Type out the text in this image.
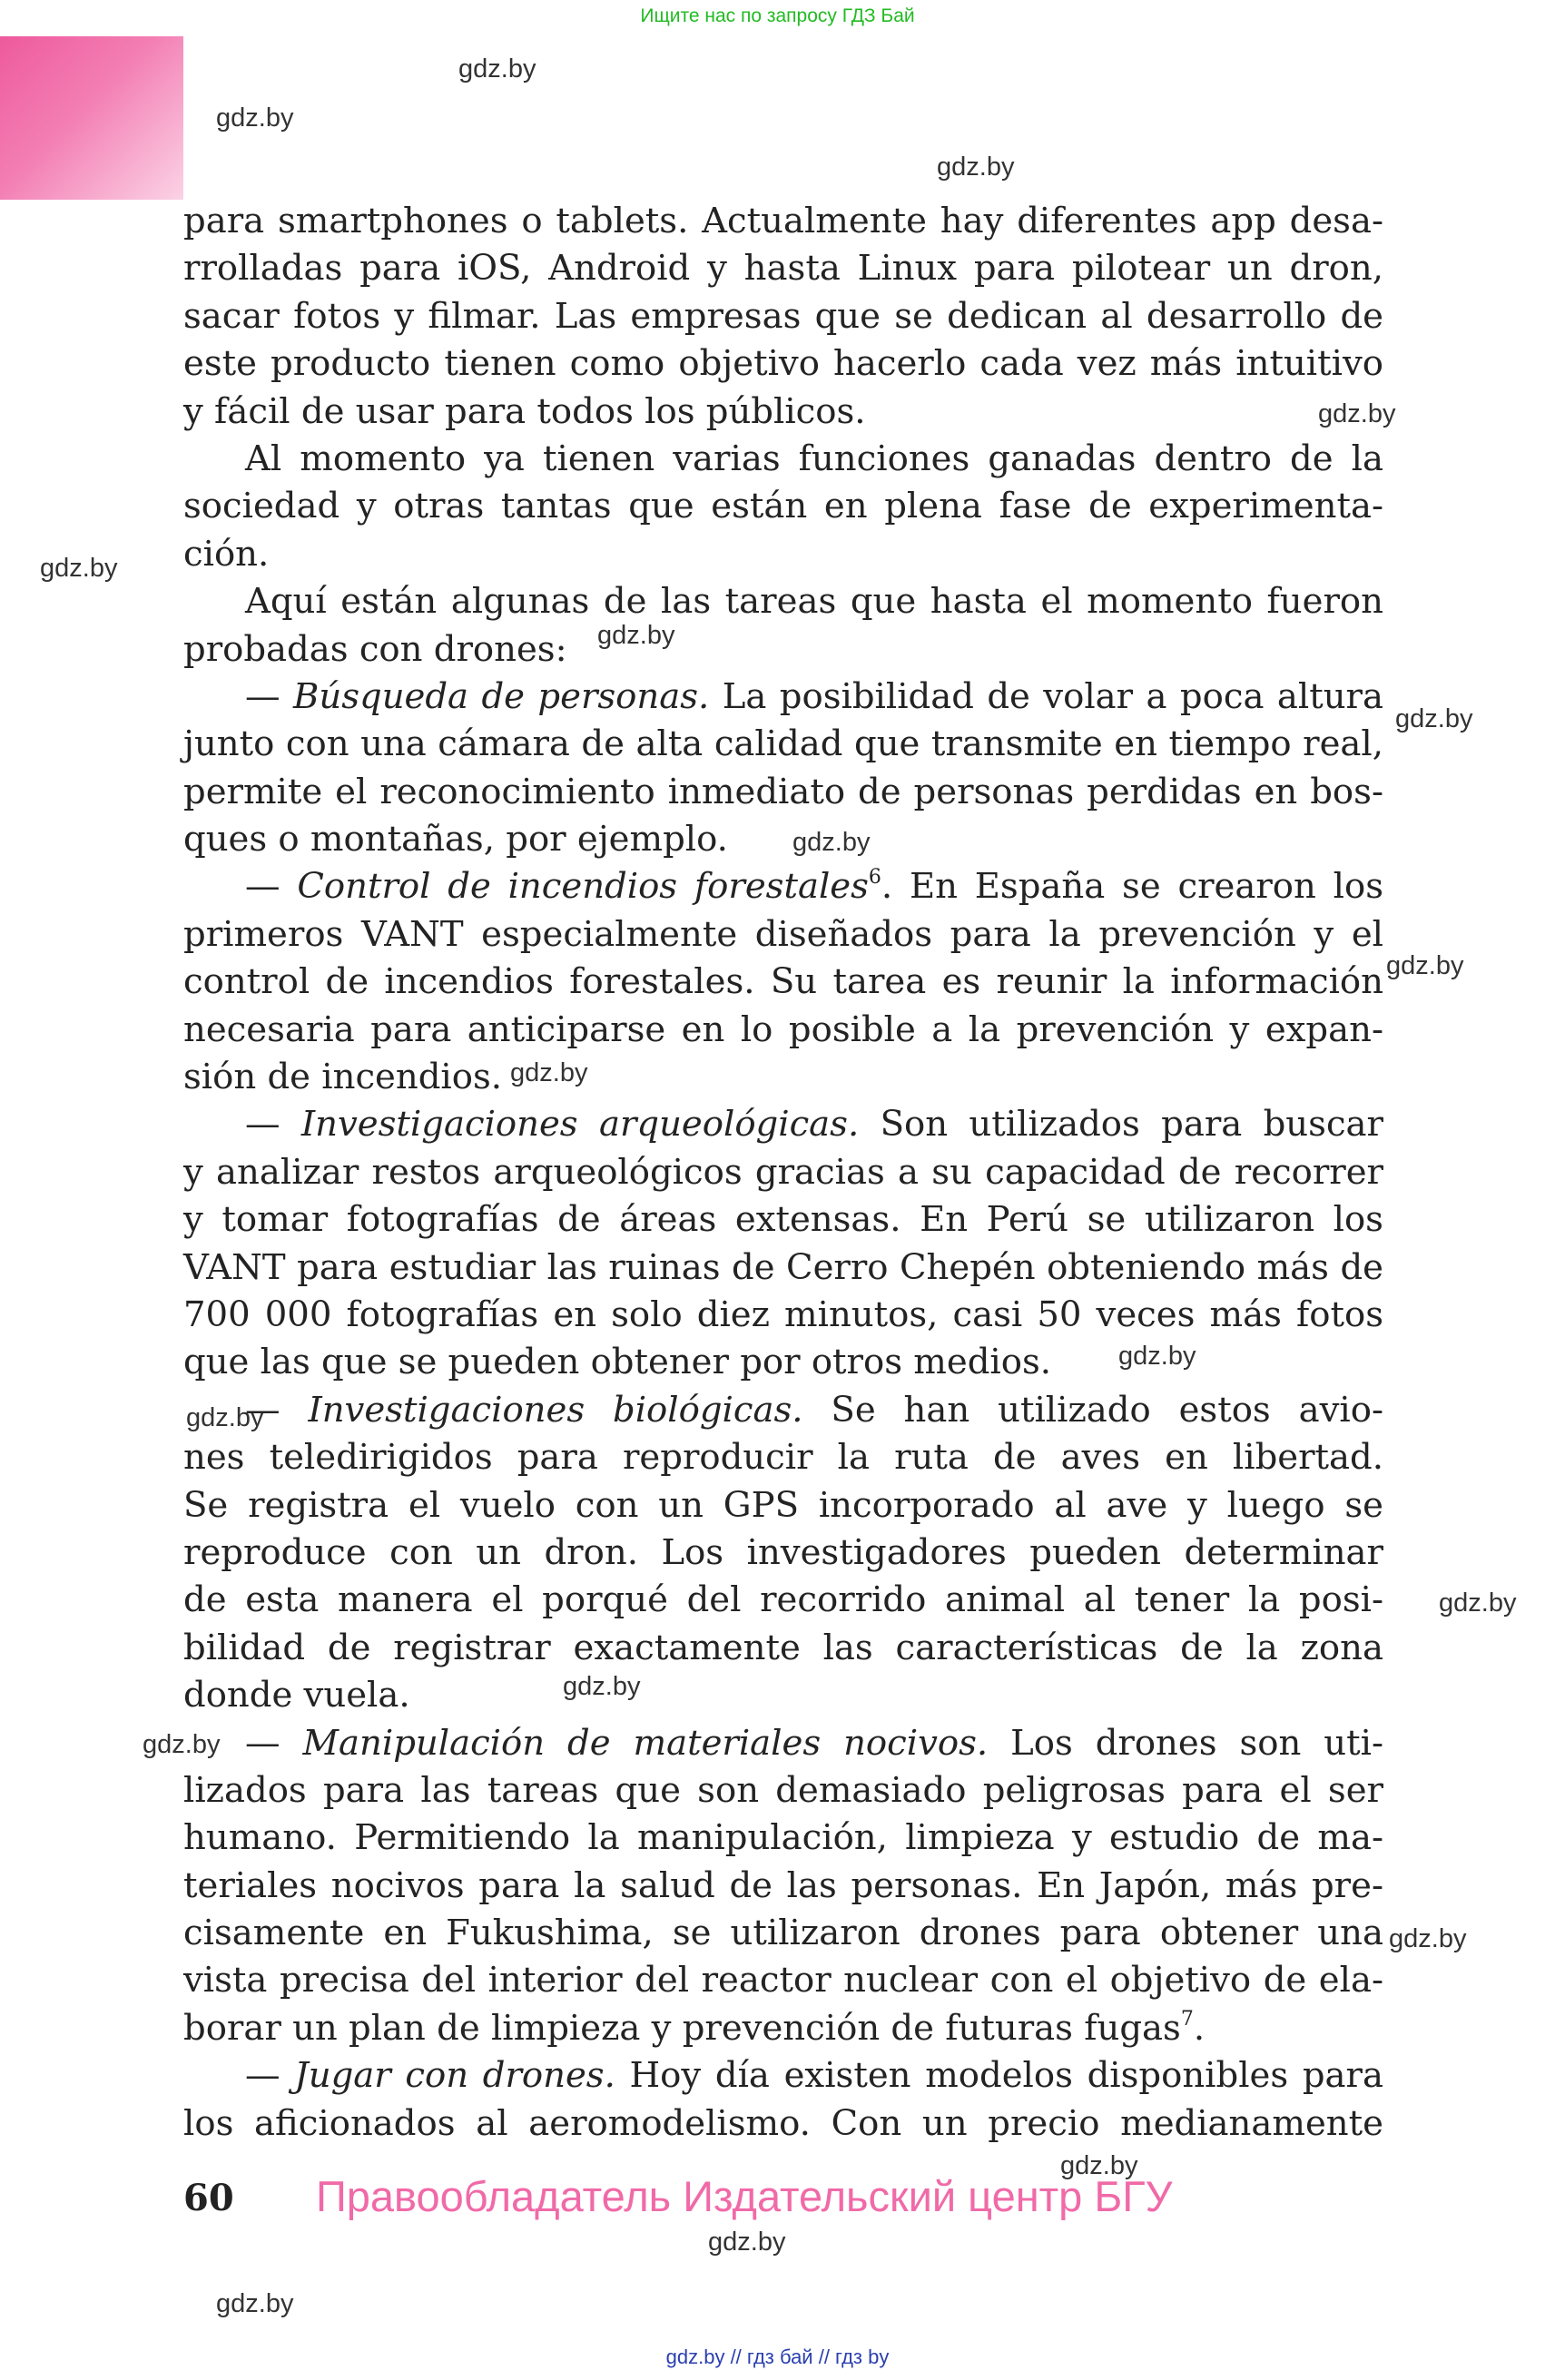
Ищите нас по запросу ГДЗ Бай
gdz.by
gdz.by
gdz.by
gdz.by
gdz.by
gdz.by
gdz.by
gdz.by
gdz.by
gdz.by
gdz.by
gdz.by
gdz.by
gdz.by
gdz.by
gdz.by
gdz.by
gdz.by
gdz.by
para smartphones o tablets. Actualmente hay diferentes app desa-
rrolladas para iOS, Android y hasta Linux para pilotear un dron,
sacar fotos y filmar. Las empresas que se dedican al desarrollo de
este producto tienen como objetivo hacerlo cada vez más intuitivo
y fácil de usar para todos los públicos.
Al momento ya tienen varias funciones ganadas dentro de la
sociedad y otras tantas que están en plena fase de experimenta-
ción.
Aquí están algunas de las tareas que hasta el momento fueron
probadas con drones:
— Búsqueda de personas. La posibilidad de volar a poca altura
junto con una cámara de alta calidad que transmite en tiempo real,
permite el reconocimiento inmediato de personas perdidas en bos-
ques o montañas, por ejemplo.
— Control de incendios forestales$^6$. En España se crearon los
primeros VANT especialmente diseñados para la prevención y el
control de incendios forestales. Su tarea es reunir la información
necesaria para anticiparse en lo posible a la prevención y expan-
sión de incendios.
— Investigaciones arqueológicas. Son utilizados para buscar
y analizar restos arqueológicos gracias a su capacidad de recorrer
y tomar fotografías de áreas extensas. En Perú se utilizaron los
VANT para estudiar las ruinas de Cerro Chepén obteniendo más de
700 000 fotografías en solo diez minutos, casi 50 veces más fotos
que las que se pueden obtener por otros medios.
— Investigaciones biológicas. Se han utilizado estos avio-
nes teledirigidos para reproducir la ruta de aves en libertad.
Se registra el vuelo con un GPS incorporado al ave y luego se
reproduce con un dron. Los investigadores pueden determinar
de esta manera el porqué del recorrido animal al tener la posi-
bilidad de registrar exactamente las características de la zona
donde vuela.
— Manipulación de materiales nocivos. Los drones son uti-
lizados para las tareas que son demasiado peligrosas para el ser
humano. Permitiendo la manipulación, limpieza y estudio de ma-
teriales nocivos para la salud de las personas. En Japón, más pre-
cisamente en Fukushima, se utilizaron drones para obtener una
vista precisa del interior del reactor nuclear con el objetivo de ela-
borar un plan de limpieza y prevención de futuras fugas$^7$.
— Jugar con drones. Hoy día existen modelos disponibles para
los aficionados al aeromodelismo. Con un precio medianamente
60 Правообладатель Издательский центр БГУ
gdz.by // гдз бай // гдз by
